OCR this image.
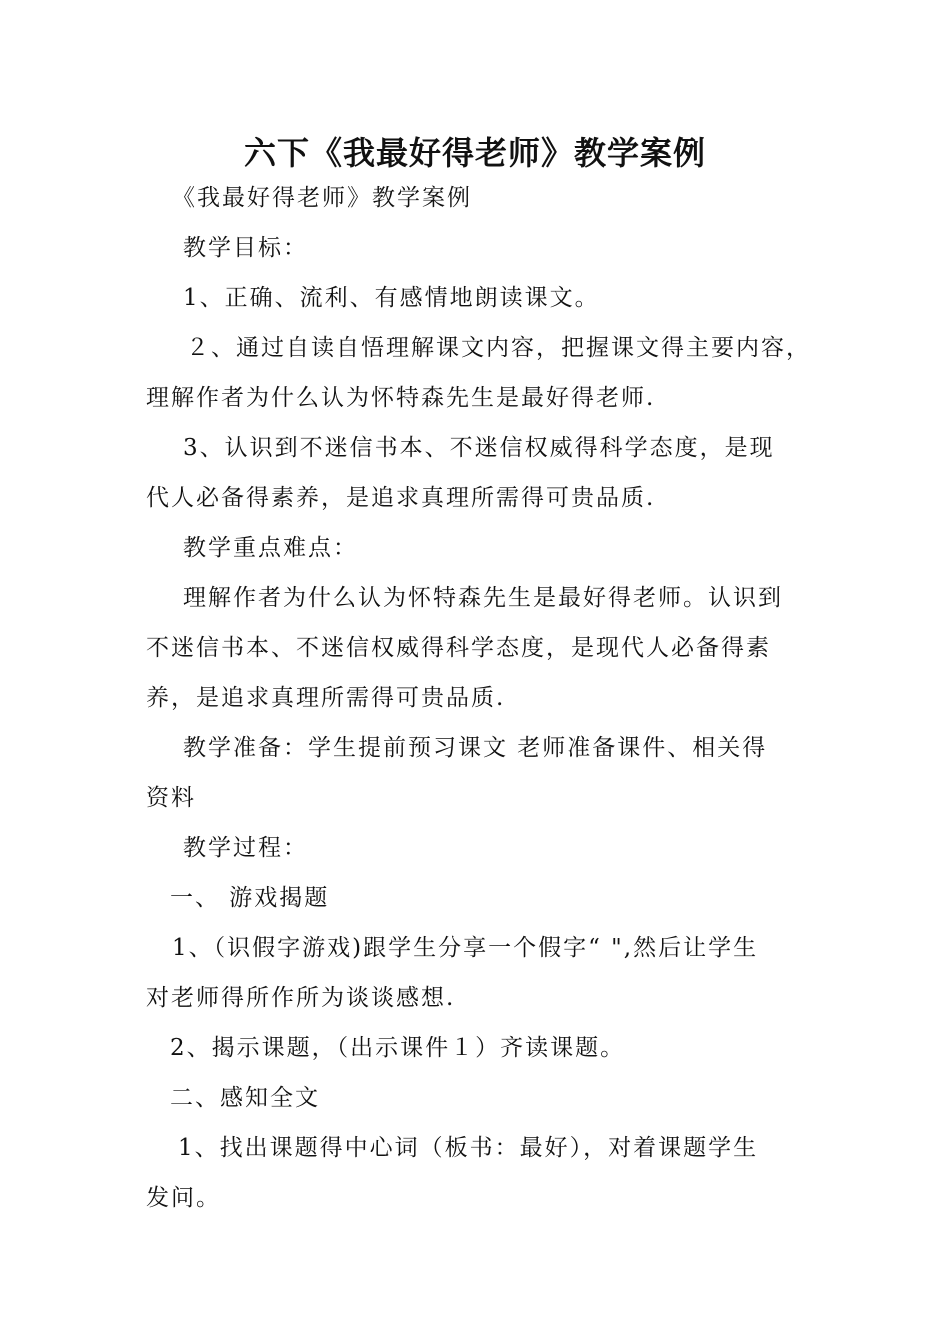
六下《我最好得老师》教学案例
《我最好得老师》教学案例
教学目标：
1、正确、流利、有感情地朗读课文。
２、通过自读自悟理解课文内容，把握课文得主要内容，
理解作者为什么认为怀特森先生是最好得老师.
3、认识到不迷信书本、不迷信权威得科学态度，是现
代人必备得素养，是追求真理所需得可贵品质.
教学重点难点：
理解作者为什么认为怀特森先生是最好得老师。认识到
不迷信书本、不迷信权威得科学态度，是现代人必备得素
养，是追求真理所需得可贵品质.
教学准备：学生提前预习课文 老师准备课件、相关得
资料
教学过程：
一、 游戏揭题
1、（识假字游戏)跟学生分享一个假字“ ",然后让学生
对老师得所作所为谈谈感想.
2、揭示课题，（出示课件１）齐读课题。
二、感知全文
1、找出课题得中心词（板书：最好），对着课题学生
发问。
